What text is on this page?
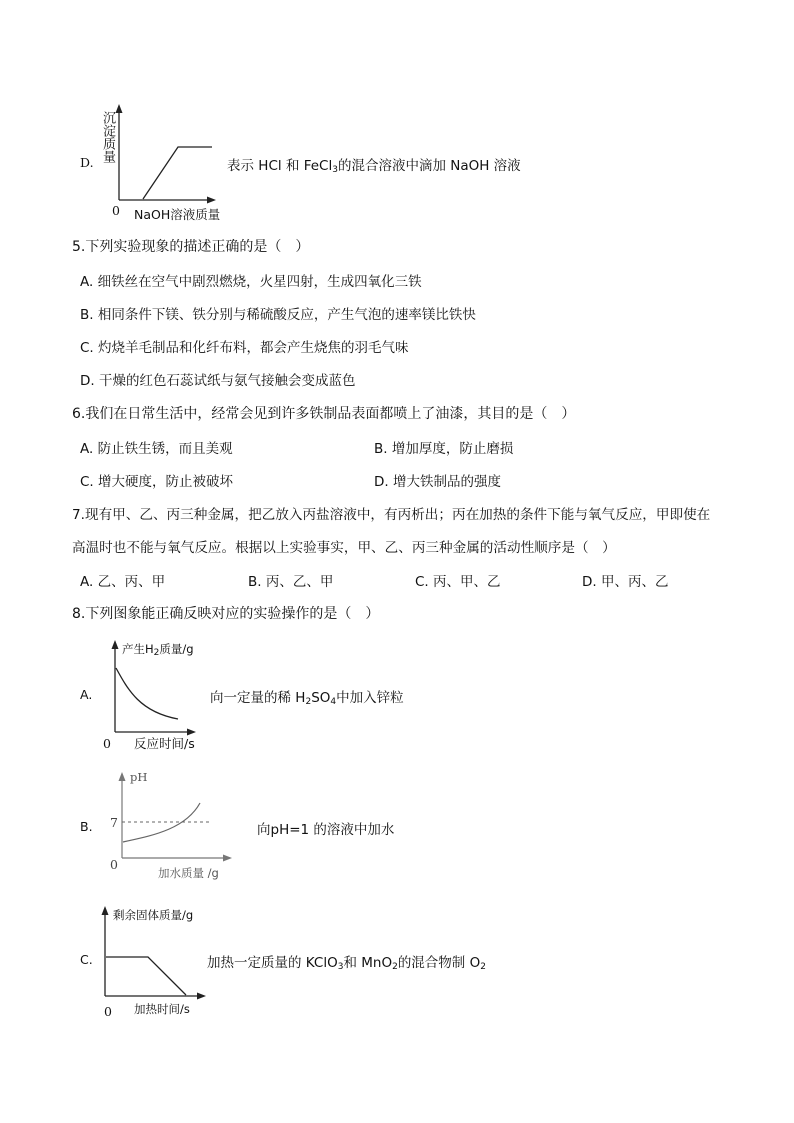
D. 沉淀质量
0 NaOH溶液质量
表示 HCl 和 FeCl$_3$的混合溶液中滴加 NaOH 溶液
5.下列实验现象的描述正确的是（　）
A. 细铁丝在空气中剧烈燃烧，火星四射，生成四氧化三铁
B. 相同条件下镁、铁分别与稀硫酸反应，产生气泡的速率镁比铁快
C. 灼烧羊毛制品和化纤布料，都会产生烧焦的羽毛气味
D. 干燥的红色石蕊试纸与氨气接触会变成蓝色
6.我们在日常生活中，经常会见到许多铁制品表面都喷上了油漆，其目的是（　）
A. 防止铁生锈，而且美观	B. 增加厚度，防止磨损
C. 增大硬度，防止被破坏	D. 增大铁制品的强度
7.现有甲、乙、丙三种金属，把乙放入丙盐溶液中，有丙析出；丙在加热的条件下能与氧气反应，甲即使在
高温时也不能与氧气反应。根据以上实验事实，甲、乙、丙三种金属的活动性顺序是（　）
A. 乙、丙、甲	B. 丙、乙、甲	C. 丙、甲、乙	D. 甲、丙、乙
8.下列图象能正确反映对应的实验操作的是（　）
A.
产生$H_2$质量/g
0 反应时间/s
向一定量的稀 $H_2SO_4$中加入锌粒
B.
pH
7
0
加水质量 /g
向pH=1 的溶液中加水
C.
剩余固体质量/g
0 加热时间/s
加热一定质量的 KClO$_3$和 MnO$_2$的混合物制 $O_2$
